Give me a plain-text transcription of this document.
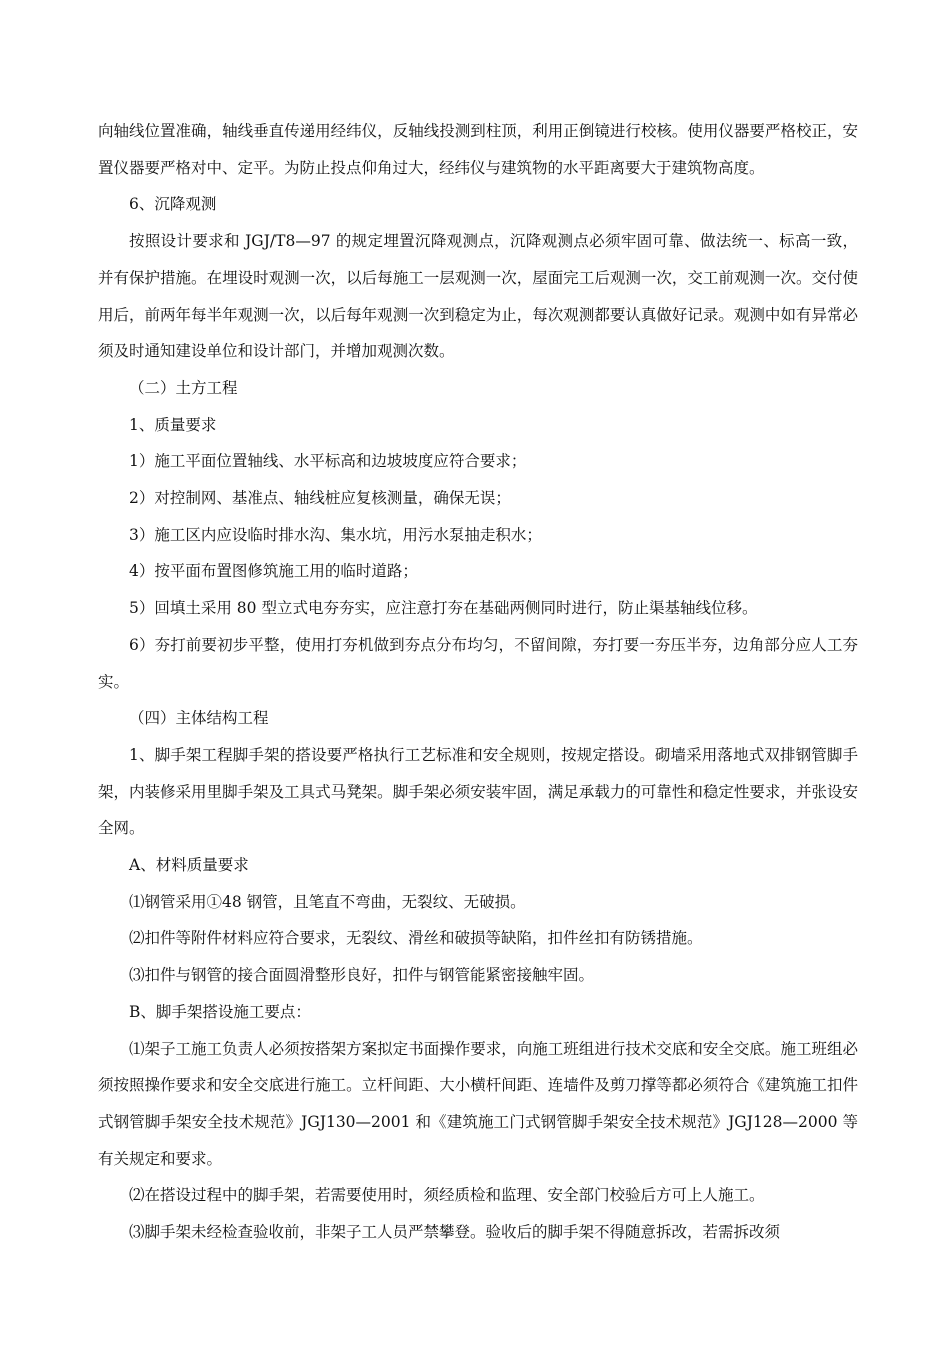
向轴线位置准确，轴线垂直传递用经纬仪，反轴线投测到柱顶，利用正倒镜进行校核。使用仪器要严格校正，安置仪器要严格对中、定平。为防止投点仰角过大，经纬仪与建筑物的水平距离要大于建筑物高度。

6、沉降观测

按照设计要求和 JGJ/T8—97 的规定埋置沉降观测点，沉降观测点必须牢固可靠、做法统一、标高一致，并有保护措施。在埋设时观测一次，以后每施工一层观测一次，屋面完工后观测一次，交工前观测一次。交付使用后，前两年每半年观测一次，以后每年观测一次到稳定为止，每次观测都要认真做好记录。观测中如有异常必须及时通知建设单位和设计部门，并增加观测次数。

（二）土方工程

1、质量要求

1）施工平面位置轴线、水平标高和边坡坡度应符合要求；

2）对控制网、基准点、轴线桩应复核测量，确保无误；

3）施工区内应设临时排水沟、集水坑，用污水泵抽走积水；

4）按平面布置图修筑施工用的临时道路；

5）回填土采用 80 型立式电夯夯实，应注意打夯在基础两侧同时进行，防止渠基轴线位移。

6）夯打前要初步平整，使用打夯机做到夯点分布均匀，不留间隙，夯打要一夯压半夯，边角部分应人工夯实。

（四）主体结构工程

1、脚手架工程脚手架的搭设要严格执行工艺标准和安全规则，按规定搭设。砌墙采用落地式双排钢管脚手架，内装修采用里脚手架及工具式马凳架。脚手架必须安装牢固，满足承载力的可靠性和稳定性要求，并张设安全网。

A、材料质量要求

⑴钢管采用①48 钢管，且笔直不弯曲，无裂纹、无破损。

⑵扣件等附件材料应符合要求，无裂纹、滑丝和破损等缺陷，扣件丝扣有防锈措施。

⑶扣件与钢管的接合面圆滑整形良好，扣件与钢管能紧密接触牢固。

B、脚手架搭设施工要点：

⑴架子工施工负责人必须按搭架方案拟定书面操作要求，向施工班组进行技术交底和安全交底。施工班组必须按照操作要求和安全交底进行施工。立杆间距、大小横杆间距、连墙件及剪刀撑等都必须符合《建筑施工扣件式钢管脚手架安全技术规范》JGJ130—2001 和《建筑施工门式钢管脚手架安全技术规范》JGJ128—2000 等有关规定和要求。

⑵在搭设过程中的脚手架，若需要使用时，须经质检和监理、安全部门校验后方可上人施工。

⑶脚手架未经检查验收前，非架子工人员严禁攀登。验收后的脚手架不得随意拆改，若需拆改须
